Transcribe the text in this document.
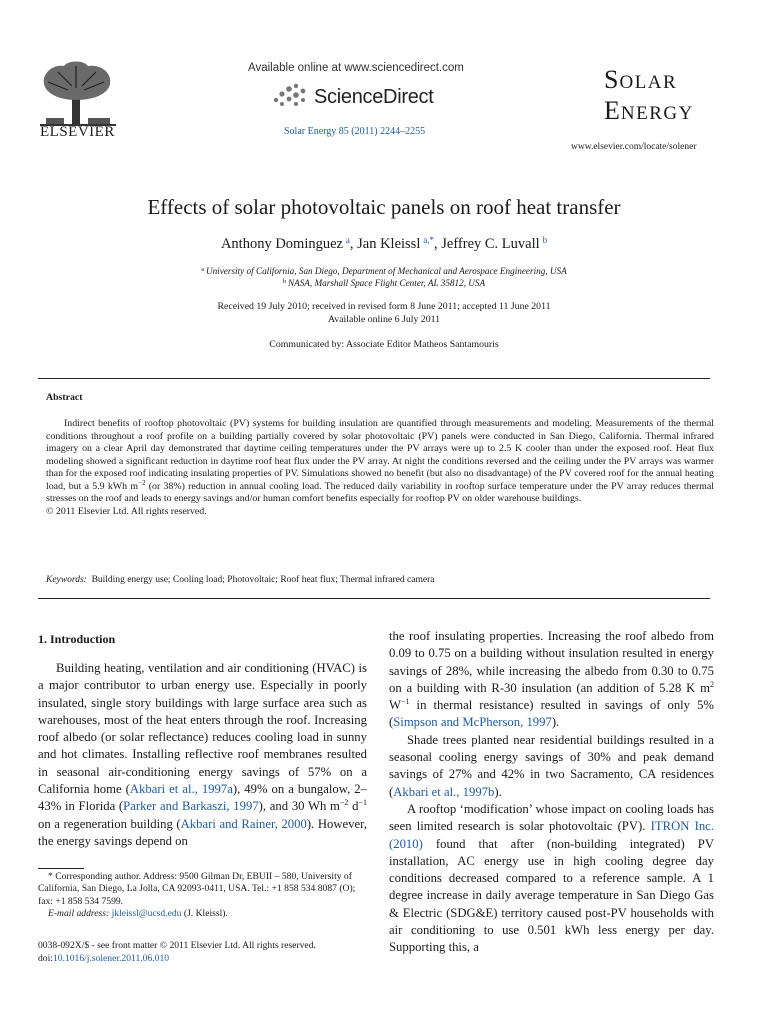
ELSEVIER
Available online at www.sciencedirect.com
ScienceDirect
Solar Energy 85 (2011) 2244–2255
SOLAR
ENERGY
www.elsevier.com/locate/solener
Effects of solar photovoltaic panels on roof heat transfer
Anthony Dominguez  $^a$, Jan Kleissl  $^{a,*}$, Jeffrey C. Luvall  $^b$
$^a$  University of California, San Diego, Department of Mechanical and Aerospace Engineering, USA
$^b$  NASA, Marshall Space Flight Center, AL 35812, USA
Received 19 July 2010; received in revised form 8 June 2011; accepted 11 June 2011
Available online 6 July 2011
Communicated by: Associate Editor Matheos Santamouris
Abstract

Indirect benefits of rooftop photovoltaic (PV) systems for building insulation are quantified through measurements and modeling. Measurements of the thermal conditions throughout a roof profile on a building partially covered by solar photovoltaic (PV) panels were conducted in San Diego, California. Thermal infrared imagery on a clear April day demonstrated that daytime ceiling temperatures under the PV arrays were up to 2.5 K cooler than under the exposed roof. Heat flux modeling showed a significant reduction in daytime roof heat flux under the PV array. At night the conditions reversed and the ceiling under the PV arrays was warmer than for the exposed roof indicating insulating properties of PV. Simulations showed no benefit (but also no disadvantage) of the PV covered roof for the annual heating load, but a 5.9 kWh $m^{-2}$ (or 38%) reduction in annual cooling load. The reduced daily variability in rooftop surface temperature under the PV array reduces thermal stresses on the roof and leads to energy savings and/or human comfort benefits especially for rooftop PV on older warehouse buildings.

© 2011 Elsevier Ltd. All rights reserved.
Keywords: Building energy use; Cooling load; Photovoltaic; Roof heat flux; Thermal infrared camera
1. Introduction

Building heating, ventilation and air conditioning (HVAC) is a major contributor to urban energy use. Especially in poorly insulated, single story buildings with large surface area such as warehouses, most of the heat enters through the roof. Increasing roof albedo (or solar reflectance) reduces cooling load in sunny and hot climates. Installing reflective roof membranes resulted in seasonal air-conditioning energy savings of 57% on a California home (Akbari et al., 1997a), 49% on a bungalow, 2–43% in Florida (Parker and Barkaszi, 1997), and 30 Wh $m^{-2}$ $d^{-1}$ on a regeneration building (Akbari and Rainer, 2000). However, the energy savings depend on

the roof insulating properties. Increasing the roof albedo from 0.09 to 0.75 on a building without insulation resulted in energy savings of 28%, while increasing the albedo from 0.30 to 0.75 on a building with R-30 insulation (an addition of 5.28 K $m^2$ $W^{-1}$ in thermal resistance) resulted in savings of only 5% (Simpson and McPherson, 1997).

Shade trees planted near residential buildings resulted in a seasonal cooling energy savings of 30% and peak demand savings of 27% and 42% in two Sacramento, CA residences (Akbari et al., 1997b).

A rooftop ‘modification’ whose impact on cooling loads has seen limited research is solar photovoltaic (PV). ITRON Inc. (2010) found that after (non-building integrated) PV installation, AC energy use in high cooling degree day conditions decreased compared to a reference sample. A 1 degree increase in daily average temperature in San Diego Gas & Electric (SDG&E) territory caused post-PV households with air conditioning to use 0.501 kWh less energy per day. Supporting this, a

* Corresponding author. Address: 9500 Gilman Dr, EBUII – 580, University of California, San Diego, La Jolla, CA 92093-0411, USA. Tel.: +1 858 534 8087 (O); fax: +1 858 534 7599.
E-mail address: jkleissl@ucsd.edu (J. Kleissl).
0038-092X/$ - see front matter © 2011 Elsevier Ltd. All rights reserved.
doi:10.1016/j.solener.2011.06.010
